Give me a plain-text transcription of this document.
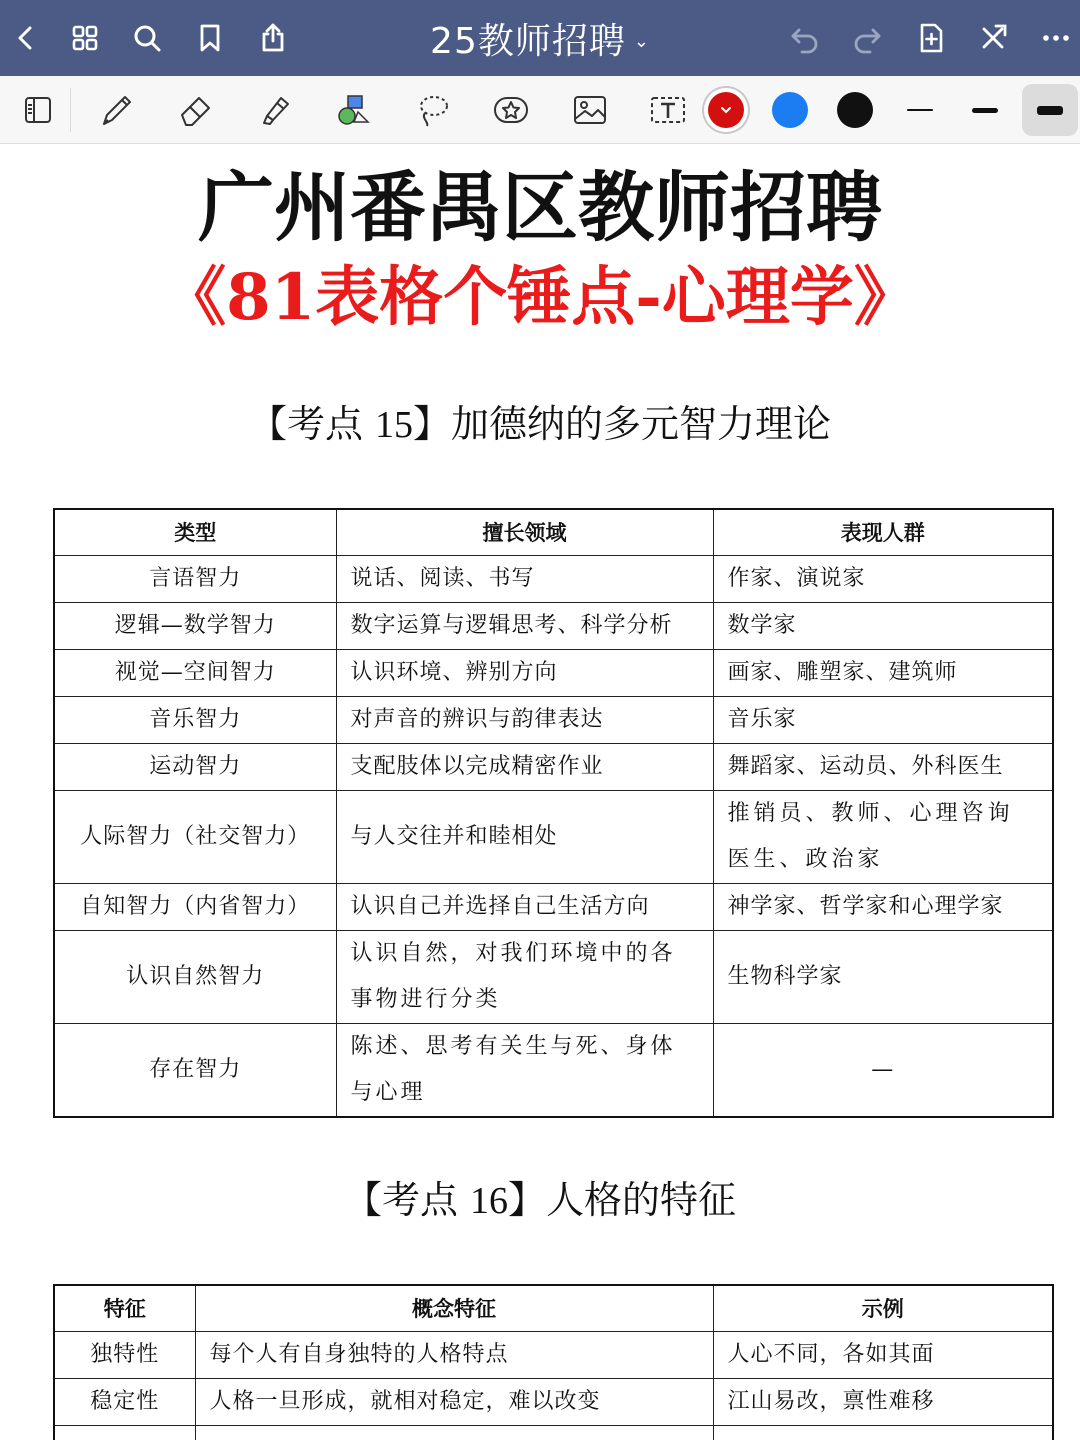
25教师招聘 ⌄
广州番禺区教师招聘
《81表格个锤点-心理学》
【考点 15】加德纳的多元智力理论
类型	擅长领域	表现人群
言语智力	说话、阅读、书写	作家、演说家
逻辑—数学智力	数字运算与逻辑思考、科学分析	数学家
视觉—空间智力	认识环境、辨别方向	画家、雕塑家、建筑师
音乐智力	对声音的辨识与韵律表达	音乐家
运动智力	支配肢体以完成精密作业	舞蹈家、运动员、外科医生
人际智力（社交智力）	与人交往并和睦相处	推销员、教师、心理咨询医生、政治家
自知智力（内省智力）	认识自己并选择自己生活方向	神学家、哲学家和心理学家
认识自然智力	认识自然，对我们环境中的各事物进行分类	生物科学家
存在智力	陈述、思考有关生与死、身体与心理	—
【考点 16】人格的特征
特征	概念特征	示例
独特性	每个人有自身独特的人格特点	人心不同，各如其面
稳定性	人格一旦形成，就相对稳定，难以改变	江山易改，禀性难移
